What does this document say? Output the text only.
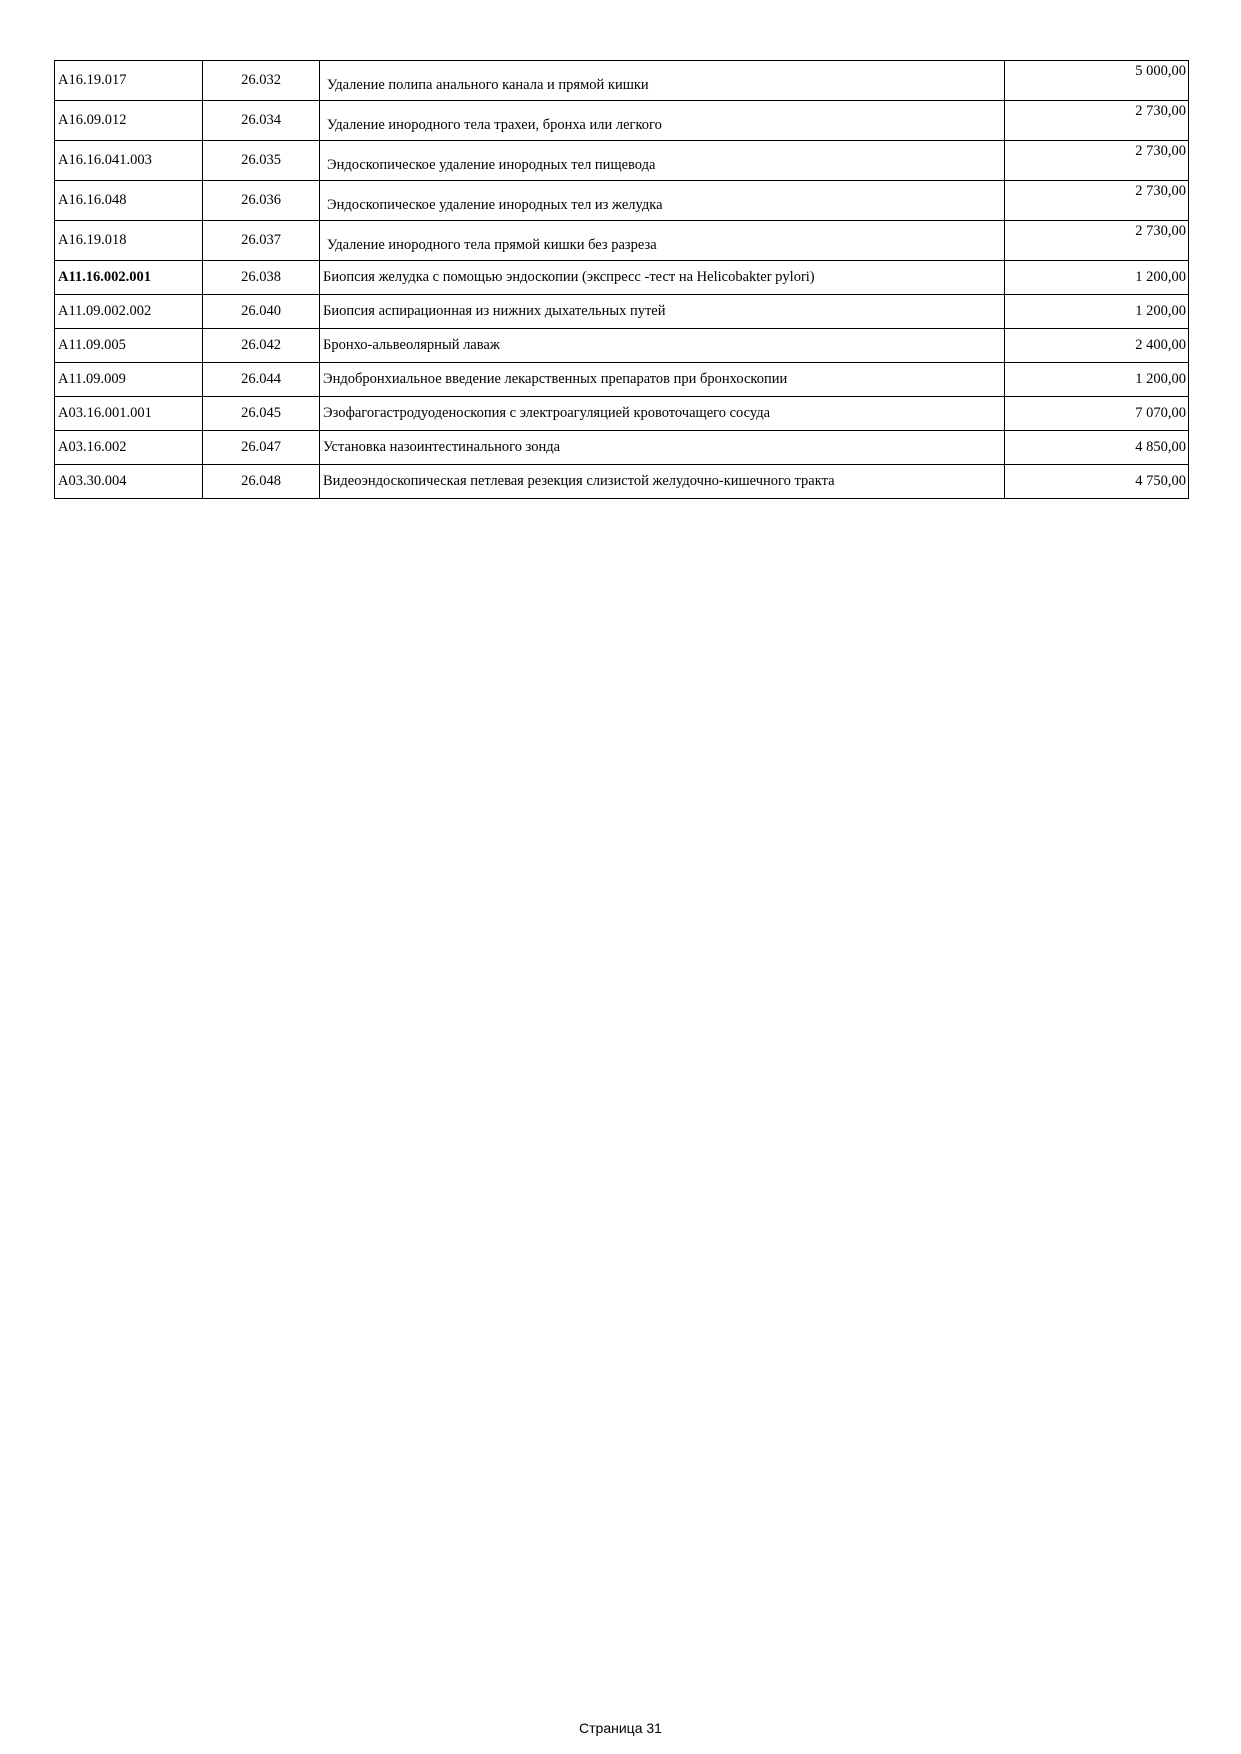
A16.19.017	26.032	Удаление полипа анального канала и прямой кишки	5 000,00
A16.09.012	26.034	Удаление инородного тела трахеи, бронха или легкого	2 730,00
A16.16.041.003	26.035	Эндоскопическое удаление инородных тел пищевода	2 730,00
A16.16.048	26.036	Эндоскопическое удаление инородных тел из желудка	2 730,00
A16.19.018	26.037	Удаление инородного тела прямой кишки без разреза	2 730,00
A11.16.002.001	26.038	Биопсия желудка с помощью эндоскопии (экспресс -тест на Helicobakter pylori)	1 200,00
A11.09.002.002	26.040	Биопсия аспирационная из нижних дыхательных путей	1 200,00
A11.09.005	26.042	Бронхо-альвеолярный лаваж	2 400,00
A11.09.009	26.044	Эндобронхиальное введение лекарственных препаратов при бронхоскопии	1 200,00
A03.16.001.001	26.045	Эзофагогастродуоденоскопия с электроагуляцией кровоточащего сосуда	7 070,00
A03.16.002	26.047	Установка назоинтестинального зонда	4 850,00
A03.30.004	26.048	Видеоэндоскопическая петлевая резекция слизистой желудочно-кишечного тракта	4 750,00
Страница 31
